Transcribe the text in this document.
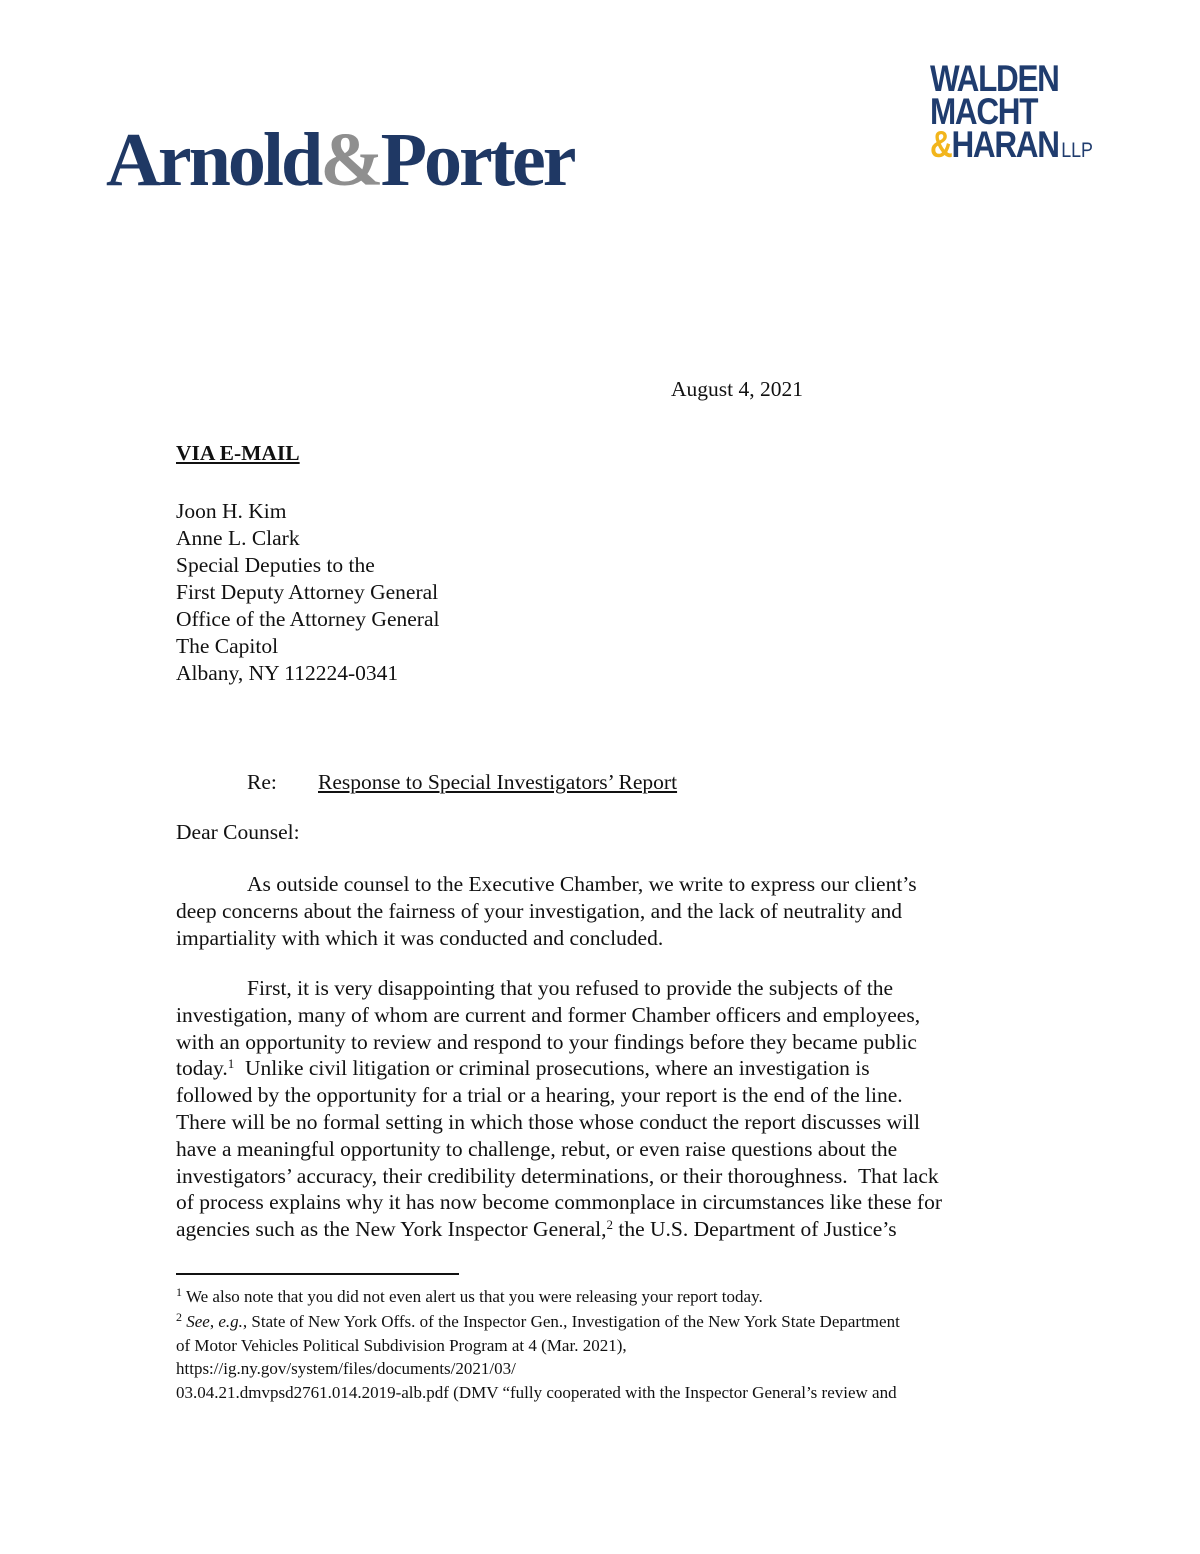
Arnold&Porter
WALDEN
MACHT
&HARAN LLP
August 4, 2021
VIA E-MAIL
Joon H. Kim
Anne L. Clark
Special Deputies to the
First Deputy Attorney General
Office of the Attorney General
The Capitol
Albany, NY 112224-0341
Re: Response to Special Investigators’ Report
Dear Counsel:
As outside counsel to the Executive Chamber, we write to express our client’s
deep concerns about the fairness of your investigation, and the lack of neutrality and
impartiality with which it was conducted and concluded.
First, it is very disappointing that you refused to provide the subjects of the
investigation, many of whom are current and former Chamber officers and employees,
with an opportunity to review and respond to your findings before they became public
today.$^1$  Unlike civil litigation or criminal prosecutions, where an investigation is
followed by the opportunity for a trial or a hearing, your report is the end of the line.
There will be no formal setting in which those whose conduct the report discusses will
have a meaningful opportunity to challenge, rebut, or even raise questions about the
investigators’ accuracy, their credibility determinations, or their thoroughness.  That lack
of process explains why it has now become commonplace in circumstances like these for
agencies such as the New York Inspector General,$^2$ the U.S. Department of Justice’s
$^1$ We also note that you did not even alert us that you were releasing your report today.
$^2$ See, e.g., State of New York Offs. of the Inspector Gen., Investigation of the New York State Department
of Motor Vehicles Political Subdivision Program at 4 (Mar. 2021),
https://ig.ny.gov/system/files/documents/2021/03/
03.04.21.dmvpsd2761.014.2019-alb.pdf (DMV “fully cooperated with the Inspector General’s review and
